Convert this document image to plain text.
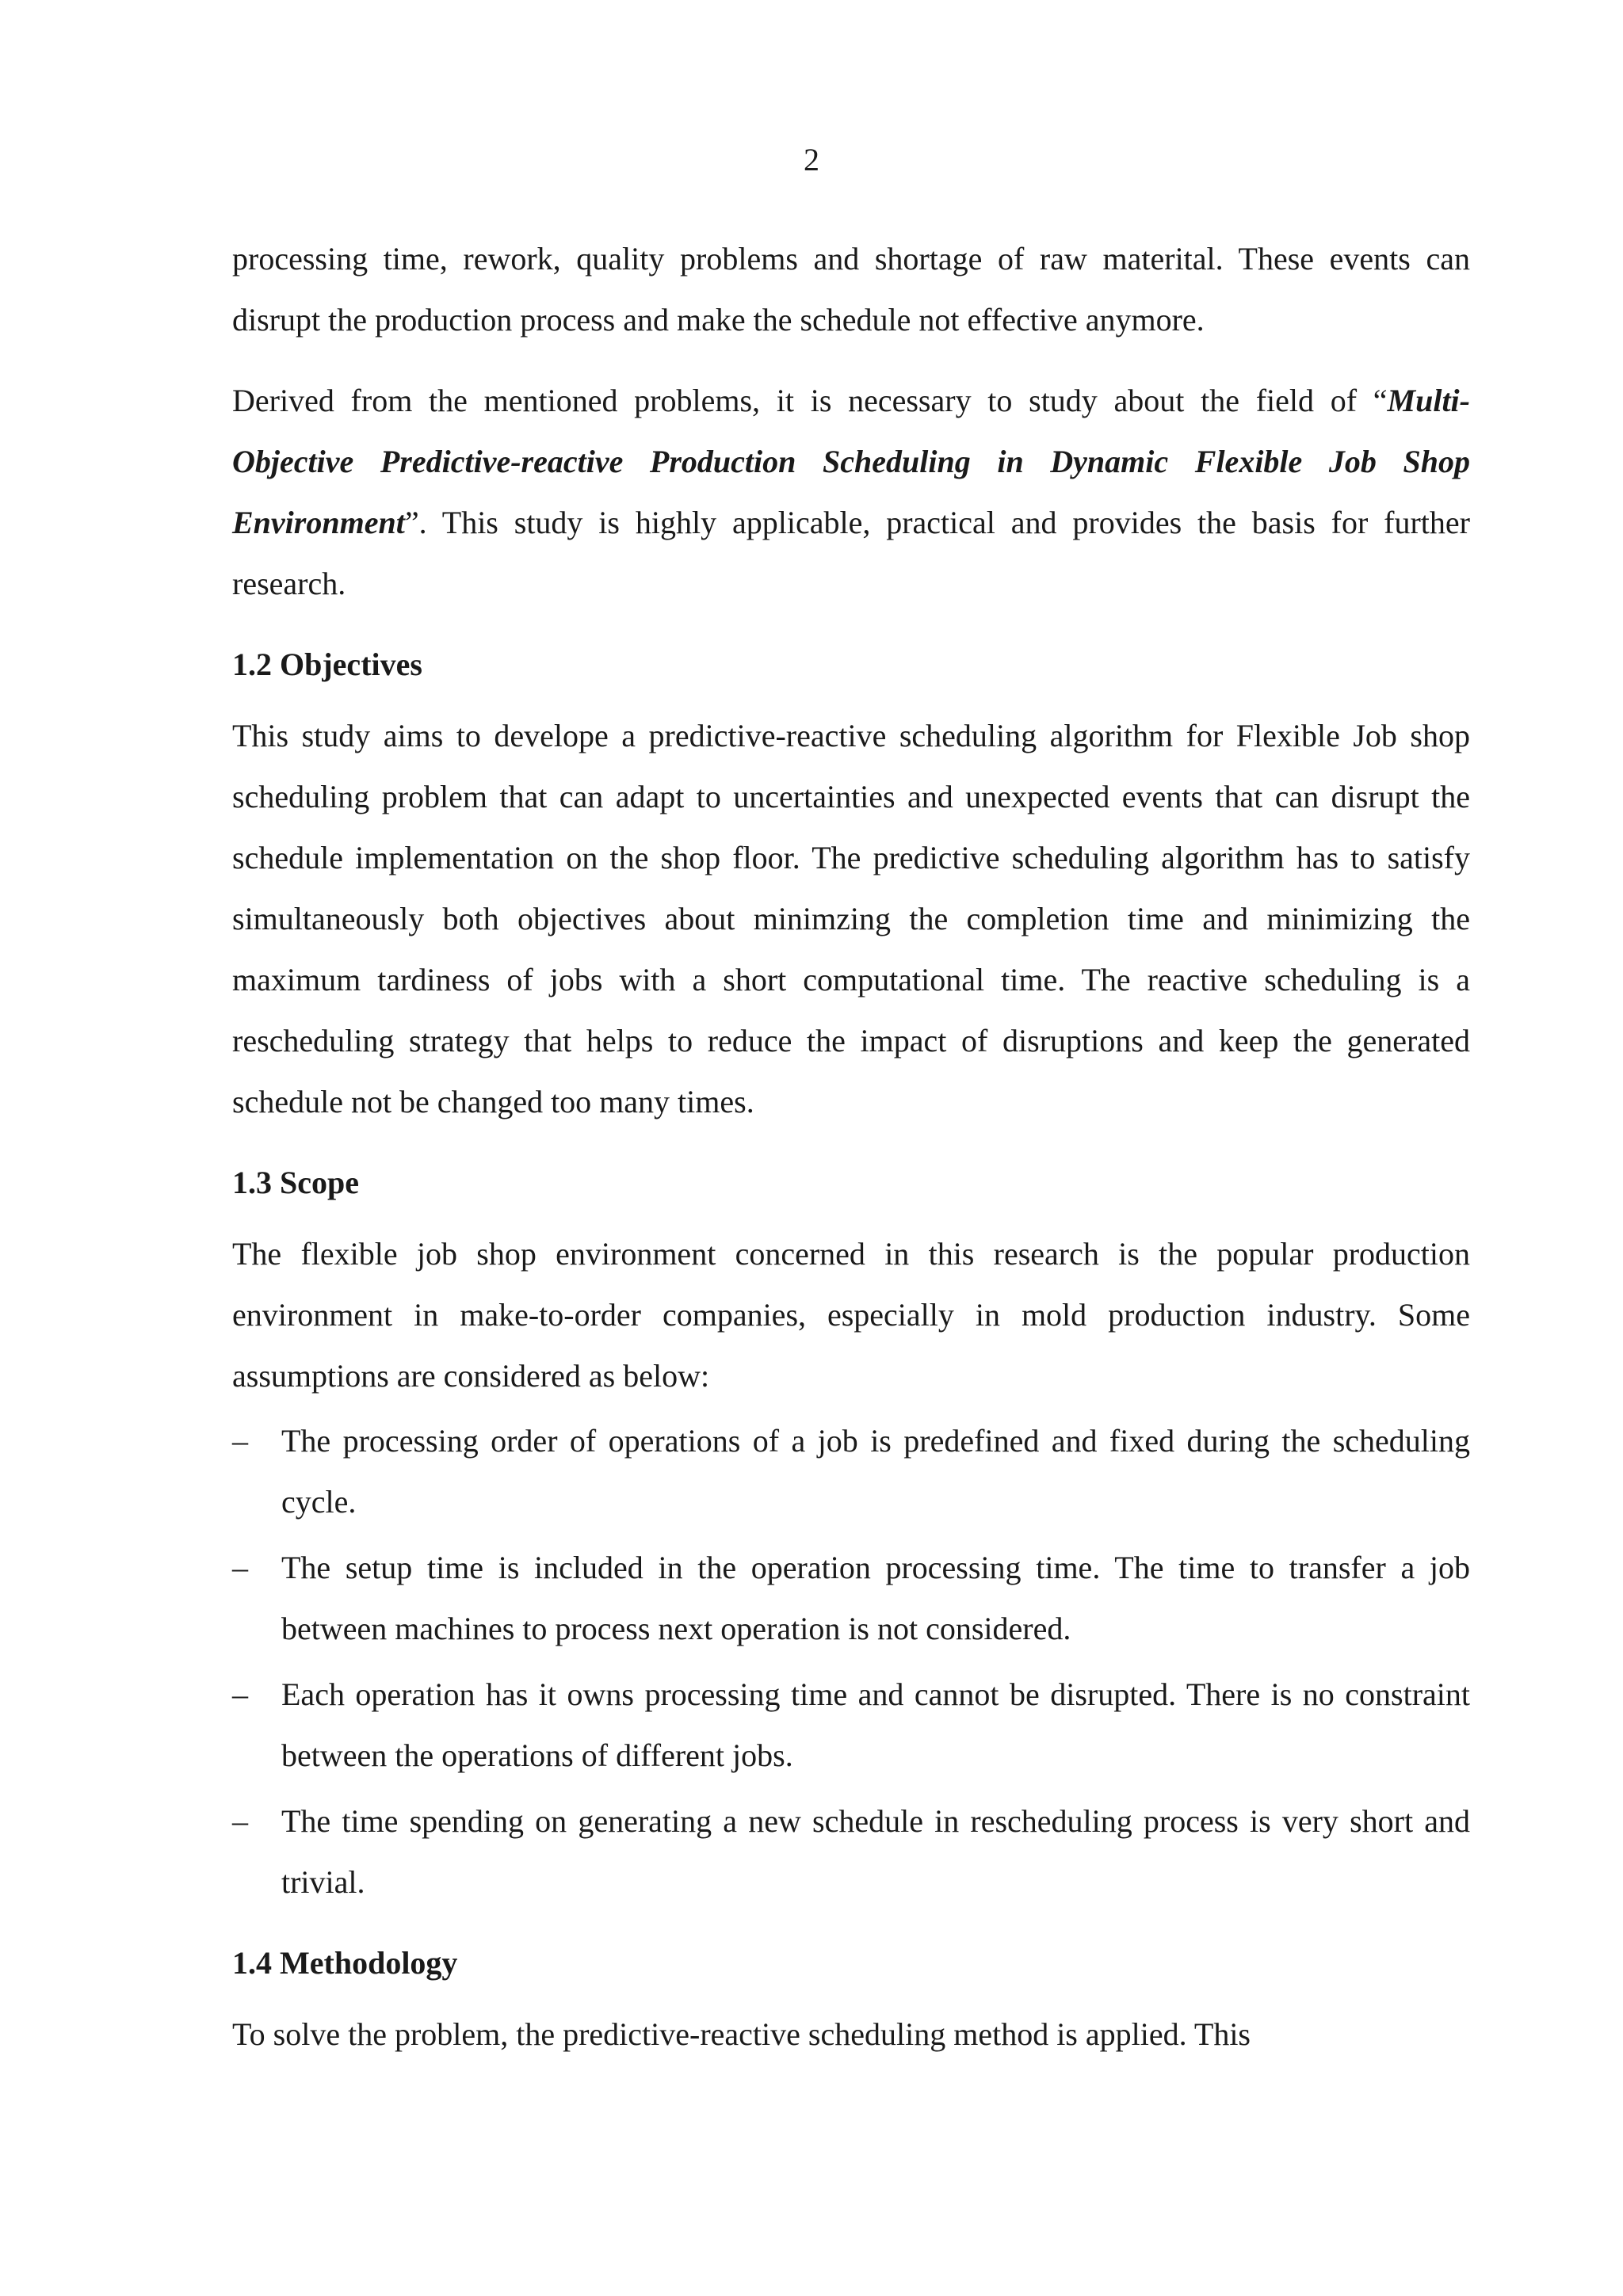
2

processing time, rework, quality problems and shortage of raw materital. These events can disrupt the production process and make the schedule not effective anymore.

Derived from the mentioned problems, it is necessary to study about the field of “Multi-Objective Predictive-reactive Production Scheduling in Dynamic Flexible Job Shop Environment”. This study is highly applicable, practical and provides the basis for further research.

1.2 Objectives

This study aims to develope a predictive-reactive scheduling algorithm for Flexible Job shop scheduling problem that can adapt to uncertainties and unexpected events that can disrupt the schedule implementation on the shop floor. The predictive scheduling algorithm has to satisfy simultaneously both objectives about minimzing the completion time and minimizing the maximum tardiness of jobs with a short computational time. The reactive scheduling is a rescheduling strategy that helps to reduce the impact of disruptions and keep the generated schedule not be changed too many times.

1.3 Scope

The flexible job shop environment concerned in this research is the popular production environment in make-to-order companies, especially in mold production industry. Some assumptions are considered as below:

– The processing order of operations of a job is predefined and fixed during the scheduling cycle.
– The setup time is included in the operation processing time. The time to transfer a job between machines to process next operation is not considered.
– Each operation has it owns processing time and cannot be disrupted. There is no constraint between the operations of different jobs.
– The time spending on generating a new schedule in rescheduling process is very short and trivial.
1.4 Methodology

To solve the problem, the predictive-reactive scheduling method is applied. This
